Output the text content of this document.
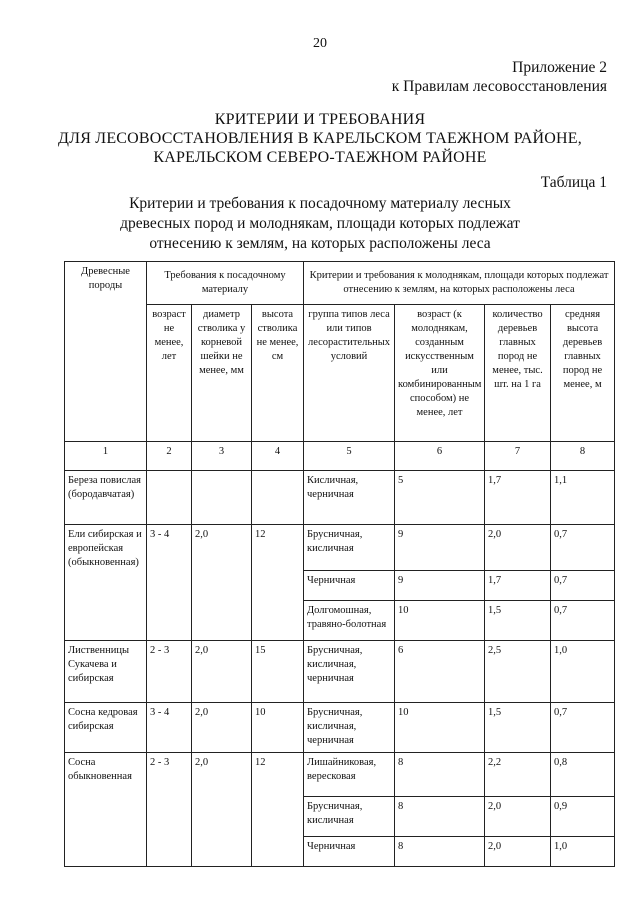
20
Приложение 2
к Правилам лесовосстановления
КРИТЕРИИ И ТРЕБОВАНИЯ
ДЛЯ ЛЕСОВОССТАНОВЛЕНИЯ В КАРЕЛЬСКОМ ТАЕЖНОМ РАЙОНЕ,
КАРЕЛЬСКОМ СЕВЕРО-ТАЕЖНОМ РАЙОНЕ
Таблица 1
Критерии и требования к посадочному материалу лесных
древесных пород и молоднякам, площади которых подлежат
отнесению к землям, на которых расположены леса
Древесные породы	Требования к посадочному материалу			Критерии и требования к молоднякам, площади которых подлежат отнесению к землям, на которых расположены леса			
	возраст не менее, лет	диаметр стволика у корневой шейки не менее, мм	высота стволика не менее, см	группа типов леса или типов лесорастительных условий	возраст (к молоднякам, созданным искусственным или комбинированным способом) не менее, лет	количество деревьев главных пород не менее, тыс. шт. на 1 га	средняя высота деревьев главных пород не менее, м
1	2	3	4	5	6	7	8
Береза повислая (бородавчатая)				Кисличная, черничная	5	1,7	1,1
Ели сибирская и европейская (обыкновенная)	3 - 4	2,0	12	Брусничная, кисличная	9	2,0	0,7
				Черничная	9	1,7	0,7
				Долгомошная, травяно-болотная	10	1,5	0,7
Лиственницы Сукачева и сибирская	2 - 3	2,0	15	Брусничная, кисличная, черничная	6	2,5	1,0
Сосна кедровая сибирская	3 - 4	2,0	10	Брусничная, кисличная, черничная	10	1,5	0,7
Сосна обыкновенная	2 - 3	2,0	12	Лишайниковая, вересковая	8	2,2	0,8
				Брусничная, кисличная	8	2,0	0,9
				Черничная	8	2,0	1,0
